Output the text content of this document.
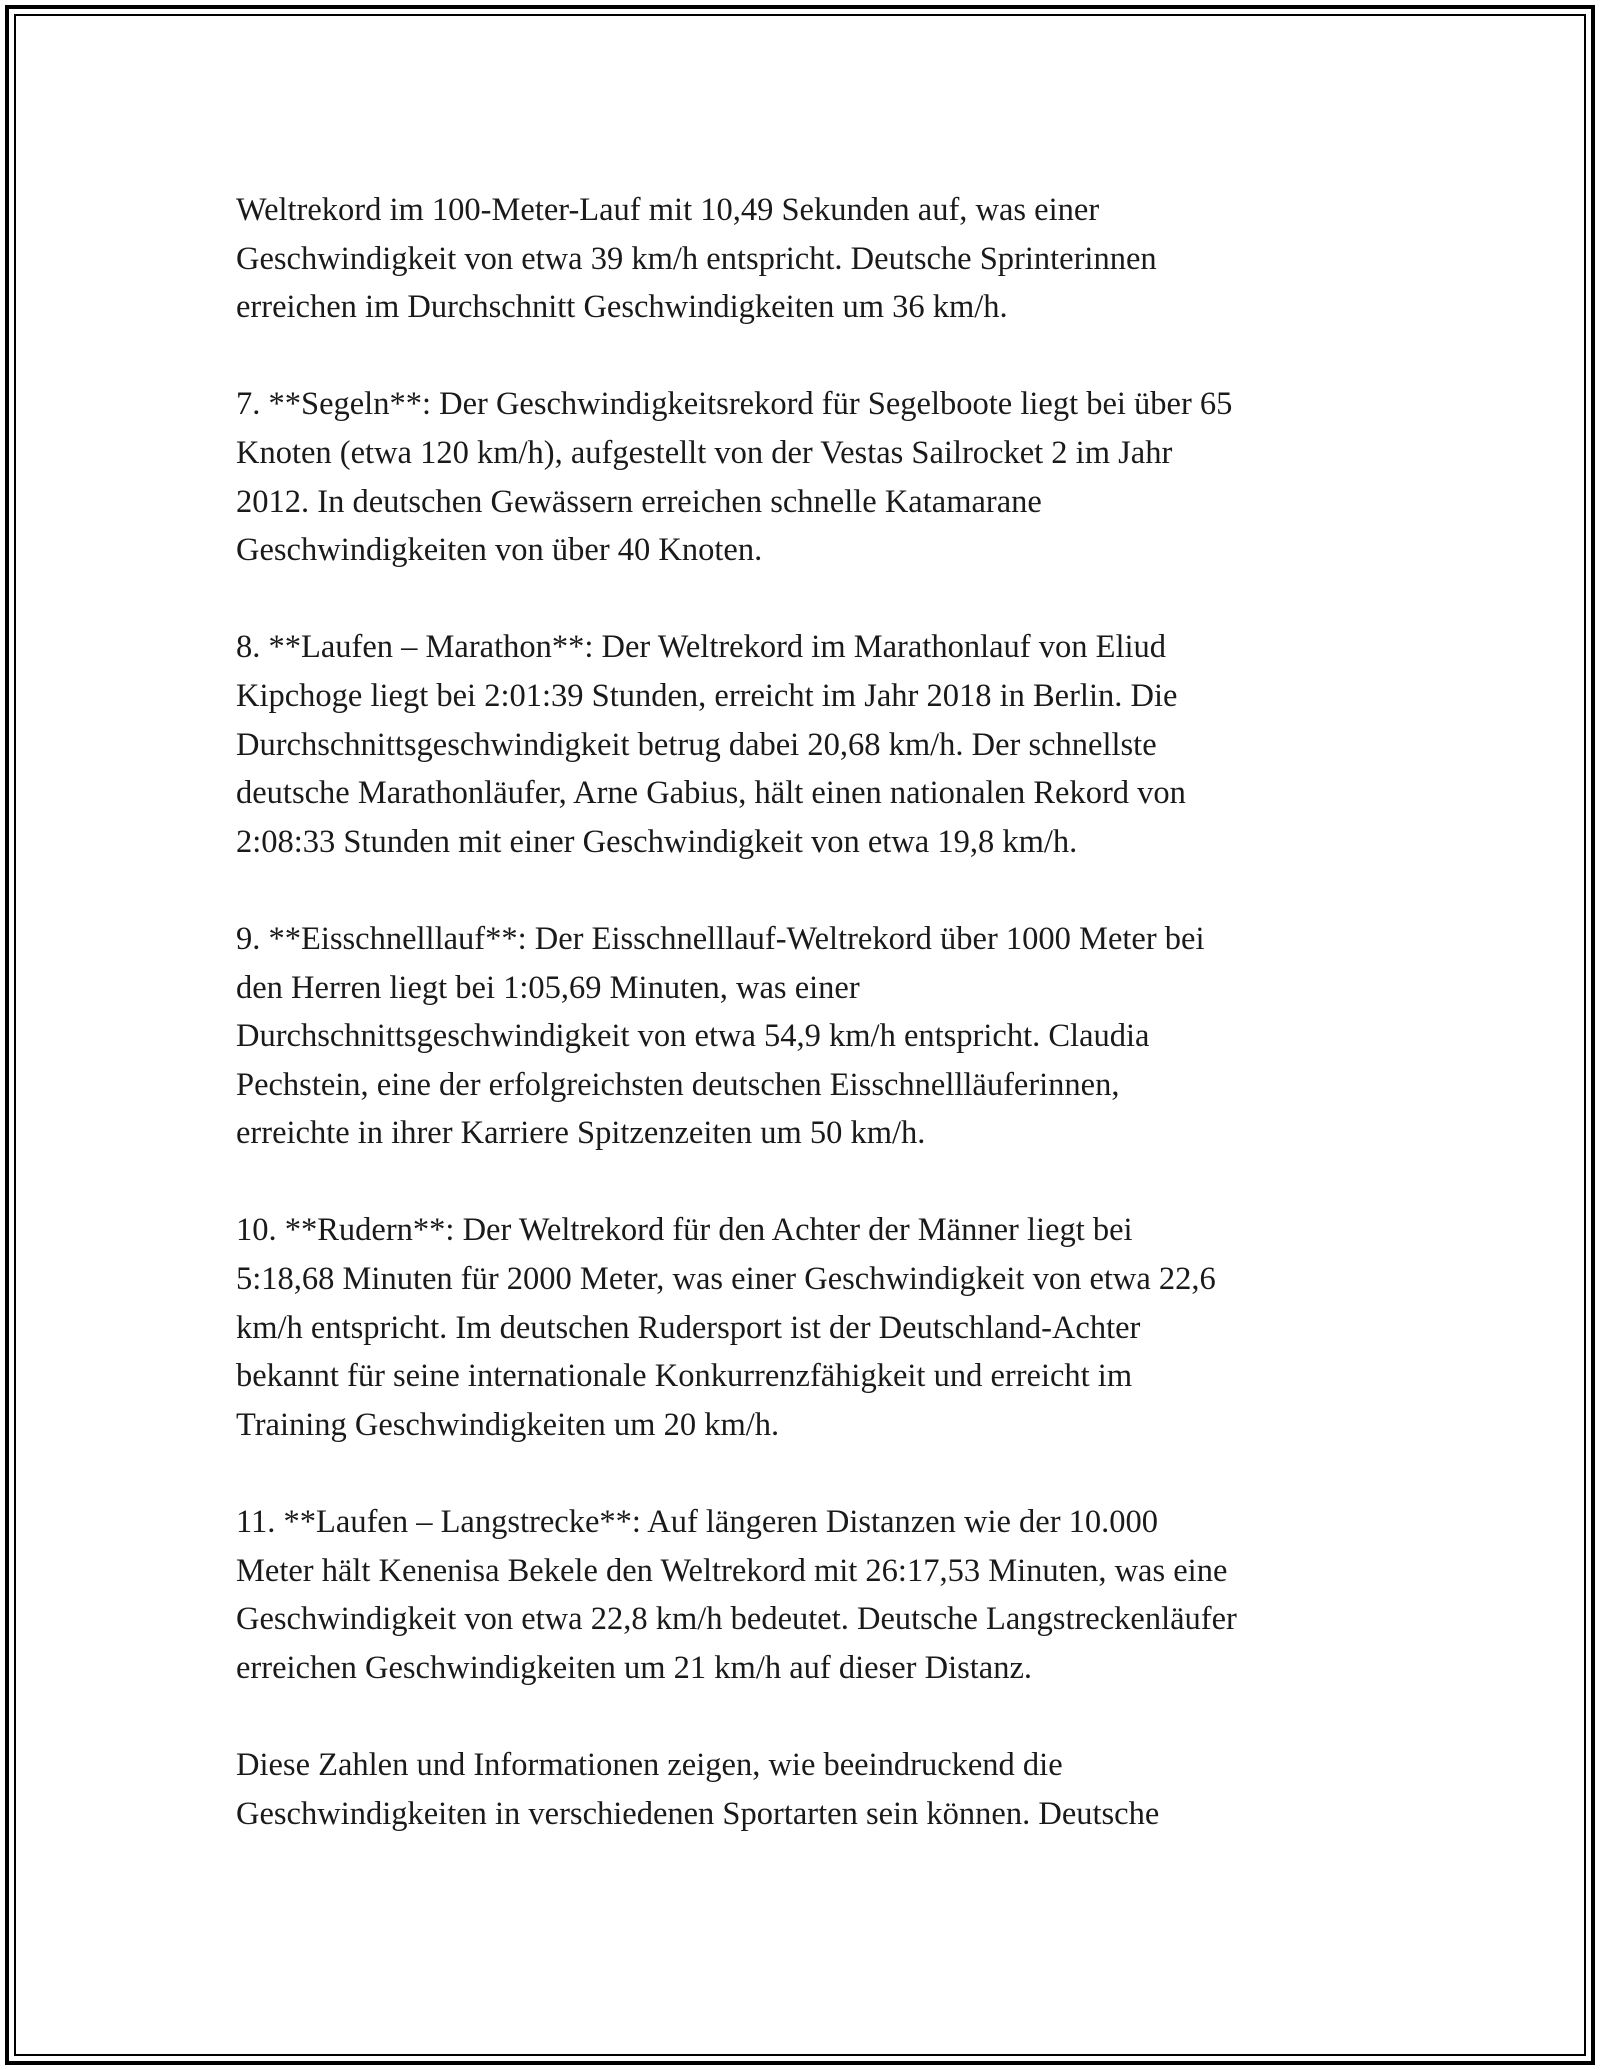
Weltrekord im 100-Meter-Lauf mit 10,49 Sekunden auf, was einer
Geschwindigkeit von etwa 39 km/h entspricht. Deutsche Sprinterinnen
erreichen im Durchschnitt Geschwindigkeiten um 36 km/h.

7. **Segeln**: Der Geschwindigkeitsrekord für Segelboote liegt bei über 65
Knoten (etwa 120 km/h), aufgestellt von der Vestas Sailrocket 2 im Jahr
2012. In deutschen Gewässern erreichen schnelle Katamarane
Geschwindigkeiten von über 40 Knoten.

8. **Laufen – Marathon**: Der Weltrekord im Marathonlauf von Eliud
Kipchoge liegt bei 2:01:39 Stunden, erreicht im Jahr 2018 in Berlin. Die
Durchschnittsgeschwindigkeit betrug dabei 20,68 km/h. Der schnellste
deutsche Marathonläufer, Arne Gabius, hält einen nationalen Rekord von
2:08:33 Stunden mit einer Geschwindigkeit von etwa 19,8 km/h.

9. **Eisschnelllauf**: Der Eisschnelllauf-Weltrekord über 1000 Meter bei
den Herren liegt bei 1:05,69 Minuten, was einer
Durchschnittsgeschwindigkeit von etwa 54,9 km/h entspricht. Claudia
Pechstein, eine der erfolgreichsten deutschen Eisschnellläuferinnen,
erreichte in ihrer Karriere Spitzenzeiten um 50 km/h.

10. **Rudern**: Der Weltrekord für den Achter der Männer liegt bei
5:18,68 Minuten für 2000 Meter, was einer Geschwindigkeit von etwa 22,6
km/h entspricht. Im deutschen Rudersport ist der Deutschland-Achter
bekannt für seine internationale Konkurrenzfähigkeit und erreicht im
Training Geschwindigkeiten um 20 km/h.

11. **Laufen – Langstrecke**: Auf längeren Distanzen wie der 10.000
Meter hält Kenenisa Bekele den Weltrekord mit 26:17,53 Minuten, was eine
Geschwindigkeit von etwa 22,8 km/h bedeutet. Deutsche Langstreckenläufer
erreichen Geschwindigkeiten um 21 km/h auf dieser Distanz.

Diese Zahlen und Informationen zeigen, wie beeindruckend die
Geschwindigkeiten in verschiedenen Sportarten sein können. Deutsche
